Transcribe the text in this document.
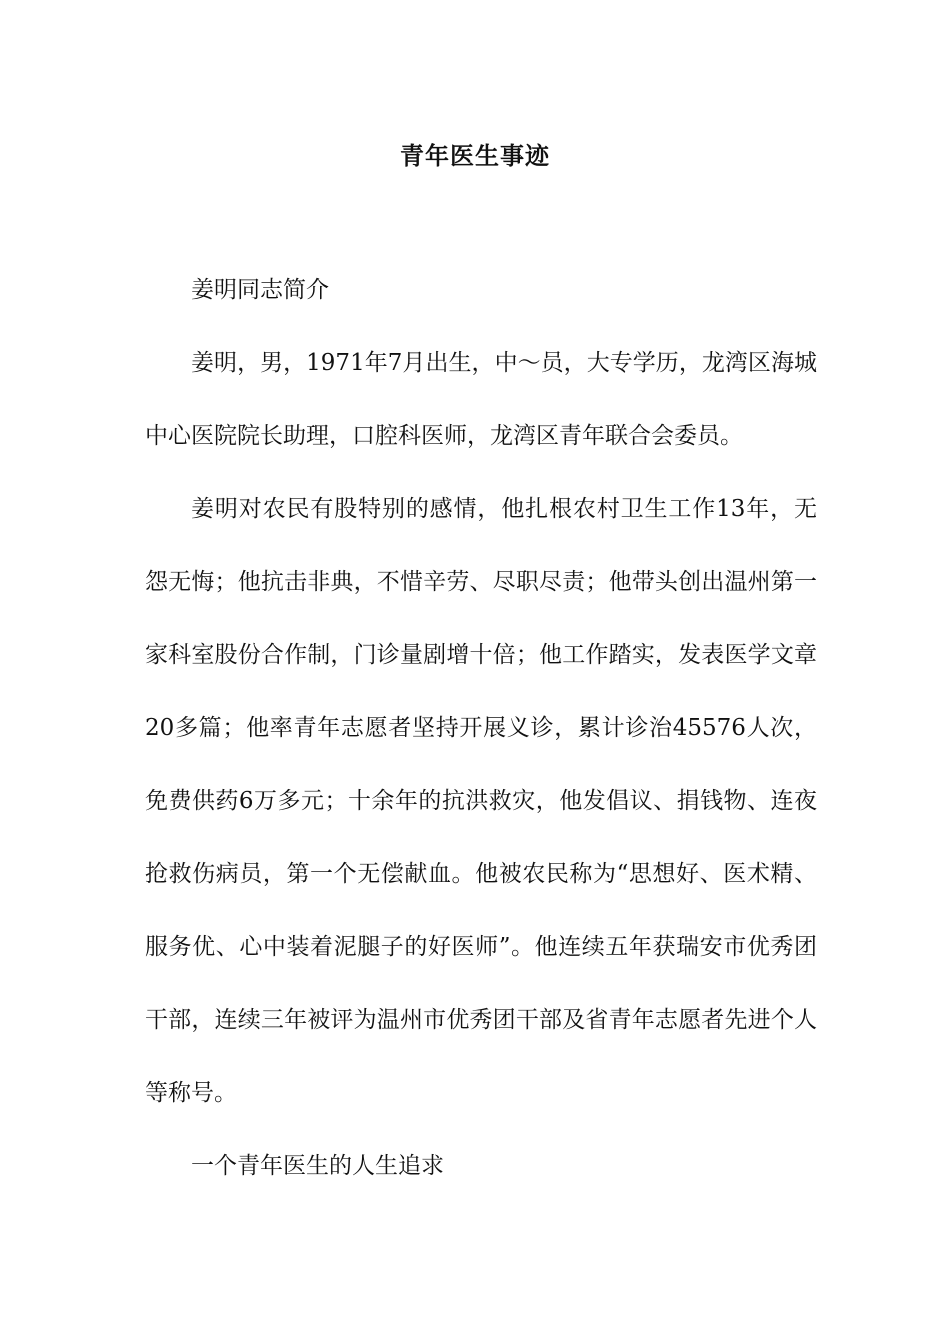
青年医生事迹

姜明同志简介

姜明，男，1971年7月出生，中～员，大专学历，龙湾区海城中心医院院长助理，口腔科医师，龙湾区青年联合会委员。

姜明对农民有股特别的感情，他扎根农村卫生工作13年，无怨无悔；他抗击非典，不惜辛劳、尽职尽责；他带头创出温州第一家科室股份合作制，门诊量剧增十倍；他工作踏实，发表医学文章20多篇；他率青年志愿者坚持开展义诊，累计诊治45576人次，免费供药6万多元；十余年的抗洪救灾，他发倡议、捐钱物、连夜抢救伤病员，第一个无偿献血。他被农民称为“思想好、医术精、服务优、心中装着泥腿子的好医师”。他连续五年获瑞安市优秀团干部，连续三年被评为温州市优秀团干部及省青年志愿者先进个人等称号。

一个青年医生的人生追求
